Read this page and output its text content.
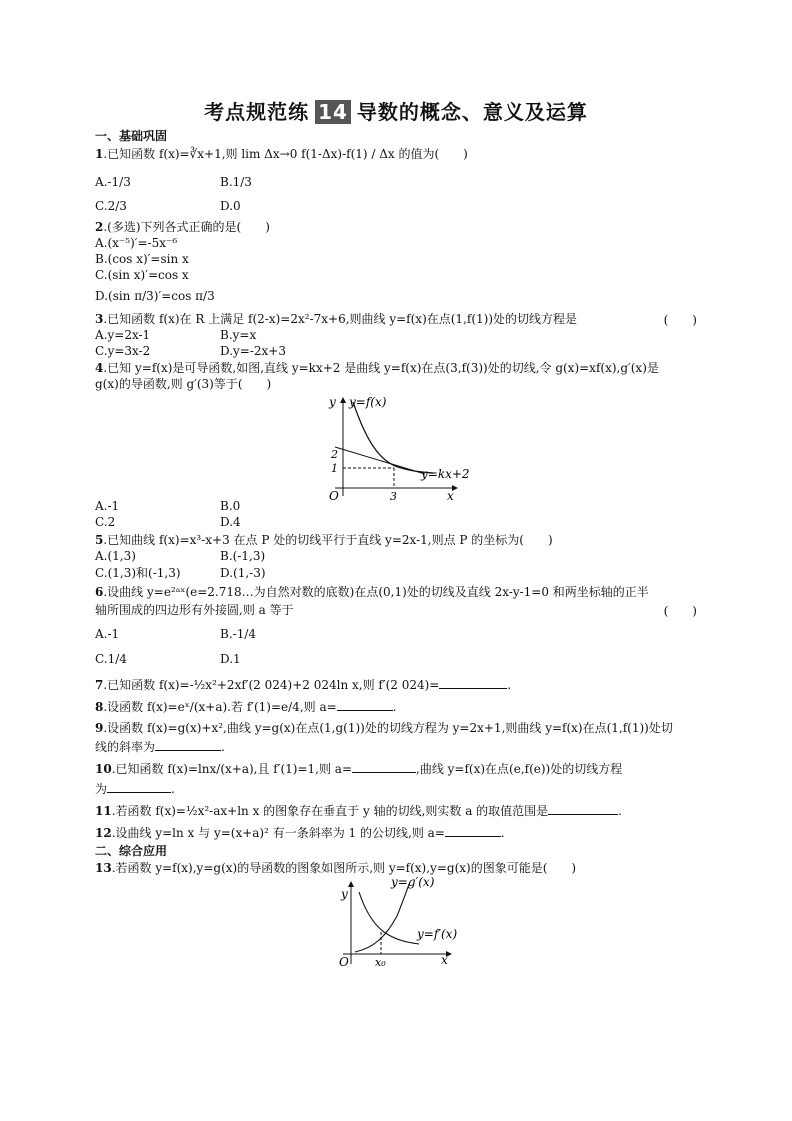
考点规范练 14 导数的概念、意义及运算
一、基础巩固
1.已知函数 f(x)=∛x+1,则 lim Δx→0 f(1-Δx)-f(1) / Δx 的值为(　　)
A.-1/3	B.1/3
C.2/3	D.0
2.(多选)下列各式正确的是(　　)
A.(x⁻⁵)′=-5x⁻⁶
B.(cos x)′=sin x
C.(sin x)′=cos x
D.(sin π/3)′=cos π/3
3.已知函数 f(x)在 R 上满足 f(2-x)=2x²-7x+6,则曲线 y=f(x)在点(1,f(1))处的切线方程是	(　　)
A.y=2x-1	B.y=x
C.y=3x-2	D.y=-2x+3
4.已知 y=f(x)是可导函数,如图,直线 y=kx+2 是曲线 y=f(x)在点(3,f(3))处的切线,令 g(x)=xf(x),g′(x)是
g(x)的导函数,则 g′(3)等于(　　)
y y=f(x)
2
1	y=kx+2
O	3	x
A.-1	B.0
C.2	D.4
5.已知曲线 f(x)=x³-x+3 在点 P 处的切线平行于直线 y=2x-1,则点 P 的坐标为(　　)
A.(1,3)	B.(-1,3)
C.(1,3)和(-1,3)	D.(1,-3)
6.设曲线 y=e²ᵃˣ(e=2.718…为自然对数的底数)在点(0,1)处的切线及直线 2x-y-1=0 和两坐标轴的正半
轴所围成的四边形有外接圆,则 a 等于	(　　)
A.-1	B.-1/4
C.1/4	D.1
7.已知函数 f(x)=-½x²+2xf′(2 024)+2 024ln x,则 f′(2 024)=	.
8.设函数 f(x)=eˣ/(x+a).若 f′(1)=e/4,则 a=	.
9.设函数 f(x)=g(x)+x²,曲线 y=g(x)在点(1,g(1))处的切线方程为 y=2x+1,则曲线 y=f(x)在点(1,f(1))处切
线的斜率为	.
10.已知函数 f(x)=lnx/(x+a),且 f′(1)=1,则 a=	,曲线 y=f(x)在点(e,f(e))处的切线方程
为	.
11.若函数 f(x)=½x²-ax+ln x 的图象存在垂直于 y 轴的切线,则实数 a 的取值范围是	.
12.设曲线 y=ln x 与 y=(x+a)² 有一条斜率为 1 的公切线,则 a=	.
二、综合应用
13.若函数 y=f(x),y=g(x)的导函数的图象如图所示,则 y=f(x),y=g(x)的图象可能是(　　)
y=g′(x)
y
y=f′(x)
O x₀	x
